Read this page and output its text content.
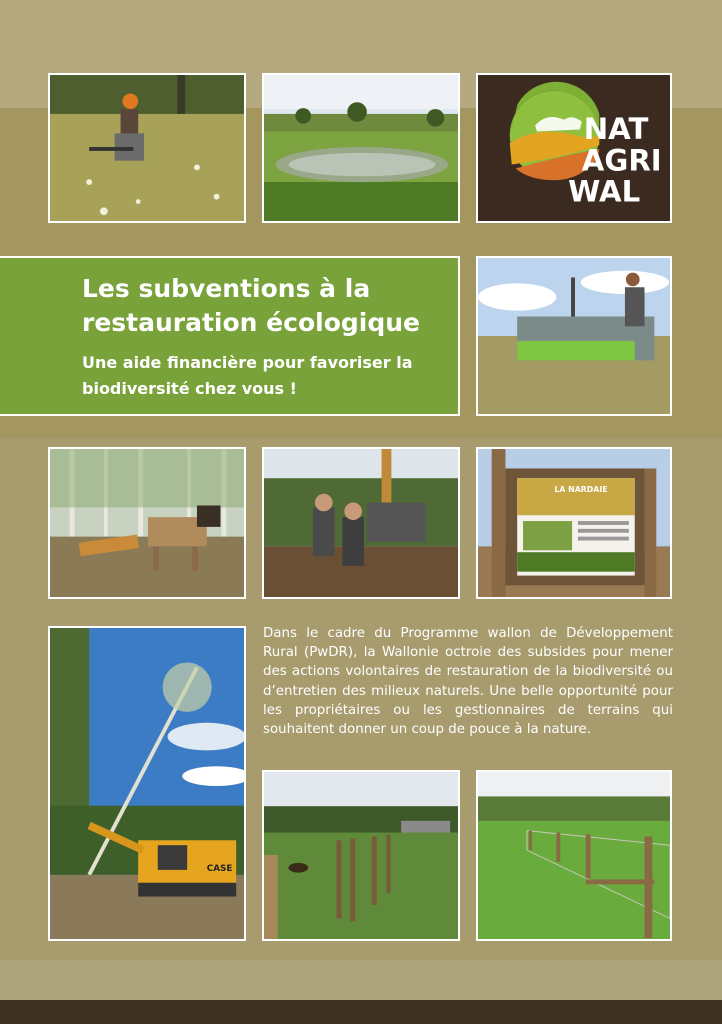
NAT
AGRI
WAL
Les subventions à la restauration écologique

Une aide financière pour favoriser la biodiversité chez vous !

LA NARDAIE
CASE

Dans le cadre du Programme wallon de Développement Rural (PwDR), la Wallonie octroie des subsides pour mener des actions volontaires de restauration de la biodiversité ou d’entretien des milieux naturels. Une belle opportunité pour les propriétaires ou les gestionnaires de terrains qui souhaitent donner un coup de pouce à la nature.
